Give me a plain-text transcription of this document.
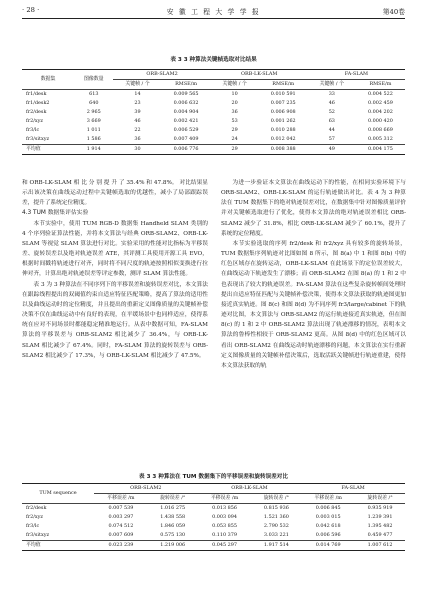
· 28 ·	安 徽 工 程 大 学 学 报	第40卷
表 3 3 种算法关键帧选取对比结果
数据集	图像数量	ORB-SLAM2		ORB-LK-SLAM		FA-SLAM	
		关键帧 / 个	RMSE/m	关键帧 / 个	RMSE/m	关键帧 / 个	RMSE/m
fr1/desk	613	14	0.009 565	10	0.010 591	33	0.004 522
fr1/desk2	640	23	0.006 632	20	0.007 235	46	0.002 459
fr2/desk	2 965	39	0.004 904	36	0.006 908	52	0.004 202
fr2/xyz	3 669	46	0.002 421	53	0.001 262	63	0.000 420
fr3/lc	1 011	22	0.006 529	29	0.010 288	44	0.008 669
fr3/sitxyz	1 586	36	0.007 409	24	0.012 042	57	0.005 312
平均值	1 914	30	0.006 776	29	0.008 388	49	0.004 175

和 ORB-LK-SLAM 相 比 分 别 提 升 了 35.4% 和 47.8%。 对比结果显示出该决策在曲线运动过程中关键帧选取的优越性，减小了局部跟踪误差，提升了系统定位精度。

4.3 TUM 数据集评估实验

本节实验中，使用 TUM RGB-D 数据集 Handheld SLAM 类别的 4 个序列验证算法性能，并将本文算法与经典 ORB-SLAM2、ORB-LK-SLAM 等视觉 SLAM 算法进行对比。实验采用的性能对比指标为平移误差、旋转误差以及绝对轨迹误差 ATE，其评测工具使用开源工具 EVO，根据时间戳将轨迹进行对齐，同时将不同尺度的轨迹按照相似变换进行拉伸对齐，计算出绝对轨迹误差等评定参数，测评 SLAM 算法性能。

表 3 为 3 种算法在不同序列下的平移误差和旋转误差对比，本文算法在跟踪线程提出的双阈值约束自适应特征匹配策略，提高了算法的适用性以及曲线运动时的定位精度，并且提出的重新定义图像质量的关键帧补偿决策不仅在曲线运动中有良好的表现，在平缓场景中也同样适应，使得系统在应对不同场景时都能稳定精准地运行。从表中数据可知，FA-SLAM 算法的平移误差与 ORB-SLAM2 相比减少了 36.4%，与 ORB-LK-SLAM 相比减少了 67.4%。同时，FA-SLAM 算法的旋转误差与 ORB-SLAM2 相比减少了 17.3%，与 ORB-LK-SLAM 相比减少了 47.5%。

为进一步验证本文算法在曲线运动下的性能，在相同实验环境下与 ORB-SLAM2、ORB-LK-SLAM 的运行轨迹做出对比。表 4 为 3 种算法在 TUM 数据集下的绝对轨迹误差对比，在数据集中针对图像质量评价并对关键帧选取进行了优化，使得本文算法的绝对轨迹误差相比 ORB-SLAM2 减少了 31.8%，相比 ORB-LK-SLAM 减少了 60.1%，提升了系统的定位精度。

本节实验选取的序列 fr2/desk 和 fr2/xyz 具有较多的旋转场景，TUM 数据集序列轨迹对比图如图 8 所示，图 8(a) 中 1 和图 8(b) 中的红色区域存在旋转运动，ORB-LK-SLAM 在此场景下的定位误差较大，在曲线运动下轨迹发生了漂移；而 ORB-SLAM2 在图 8(a) 的 1 和 2 中也表现出了较大的轨迹误差。FA-SLAM 算法在这些复杂旋转帧间处理时提出自适应特征匹配与关键帧补偿决策，使得本文算法获取的轨迹图更加接近真实轨迹。图 8(c) 和图 8(d) 为不同序列 fr3/large/cabinet 下的轨迹对比图，本文算法与 ORB-SLAM2 的运行轨迹接近真实轨迹，但在图 8(c) 的 1 和 2 中 ORB-SLAM2 算法出现了轨迹漂移的情况，表明本文算法的鲁棒性相较于 ORB-SLAM2 更高。从图 8(d) 中的红色区域可以看出 ORB-SLAM2 在曲线运动时轨迹漂移的问题，本文算法在实行重新定义图像质量的关键帧补偿决策后，选取活跃关键帧进行轨迹重建，使得本文算法获取的轨

表 3 3 种算法在 TUM 数据集下的平移误差和旋转误差对比
TUM sequence	ORB-SLAM2		ORB-LK-SLAM		FA-SLAM	
	平移误差 /m	旋转误差 /°	平移误差 /m	旋转误差 /°	平移误差 /m	旋转误差 /°
fr2/desk	0.007 539	1.016 275	0.013 856	0.815 936	0.006 845	0.935 919
fr2/xyz	0.003 297	1.438 558	0.003 094	1.521 360	0.003 015	1.239 391
fr3/lc	0.074 512	1.846 059	0.053 855	2.790 532	0.042 618	1.395 482
fr3/sitxyz	0.007 609	0.575 130	0.110 379	3.033 221	0.006 596	0.459 477
平均值	0.023 239	1.219 006	0.045 297	1.917 514	0.014 769	1.007 612
